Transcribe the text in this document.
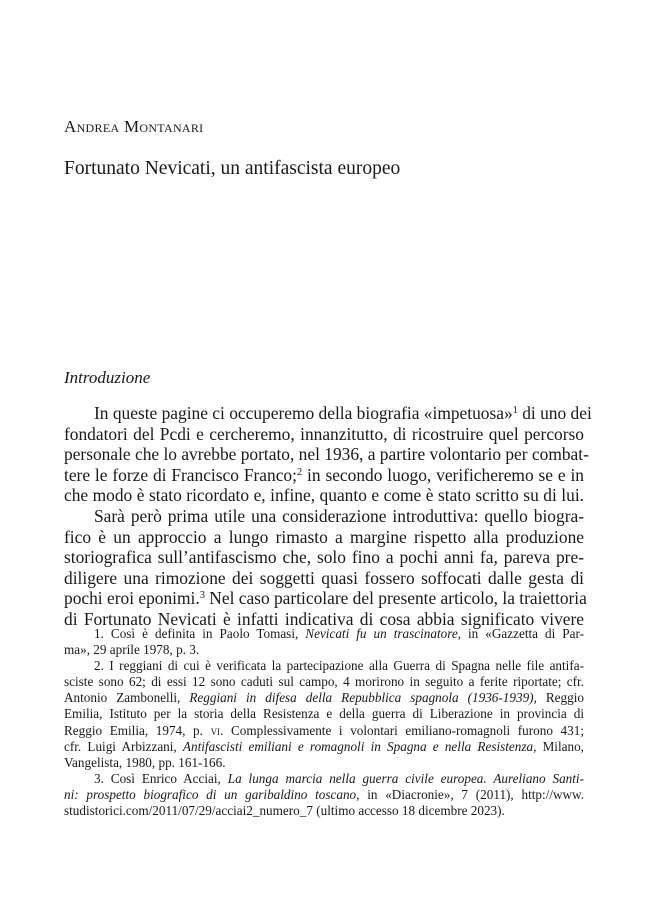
Andrea Montanari
Fortunato Nevicati, un antifascista europeo
Introduzione
In queste pagine ci occuperemo della biografia «impetuosa»$^1$ di uno dei
fondatori del Pcdi e cercheremo, innanzitutto, di ricostruire quel percorso
personale che lo avrebbe portato, nel 1936, a partire volontario per combat-
tere le forze di Francisco Franco;$^2$ in secondo luogo, verificheremo se e in
che modo è stato ricordato e, infine, quanto e come è stato scritto su di lui.
Sarà però prima utile una considerazione introduttiva: quello biogra-
fico è un approccio a lungo rimasto a margine rispetto alla produzione
storiografica sull’antifascismo che, solo fino a pochi anni fa, pareva pre-
diligere una rimozione dei soggetti quasi fossero soffocati dalle gesta di
pochi eroi eponimi.$^3$ Nel caso particolare del presente articolo, la traiettoria
di Fortunato Nevicati è infatti indicativa di cosa abbia significato vivere
1. Così è definita in Paolo Tomasi, Nevicati fu un trascinatore, in «Gazzetta di Par-
ma», 29 aprile 1978, p. 3.
2. I reggiani di cui è verificata la partecipazione alla Guerra di Spagna nelle file antifa-
sciste sono 62; di essi 12 sono caduti sul campo, 4 morirono in seguito a ferite riportate; cfr.
Antonio Zambonelli, Reggiani in difesa della Repubblica spagnola (1936-1939), Reggio
Emilia, Istituto per la storia della Resistenza e della guerra di Liberazione in provincia di
Reggio Emilia, 1974, p. vi. Complessivamente i volontari emiliano-romagnoli furono 431;
cfr. Luigi Arbizzani, Antifascisti emiliani e romagnoli in Spagna e nella Resistenza, Milano,
Vangelista, 1980, pp. 161-166.
3. Così Enrico Acciai, La lunga marcia nella guerra civile europea. Aureliano Santi-
ni: prospetto biografico di un garibaldino toscano, in «Diacronie», 7 (2011), http://www.
studistorici.com/2011/07/29/acciai2_numero_7 (ultimo accesso 18 dicembre 2023).
